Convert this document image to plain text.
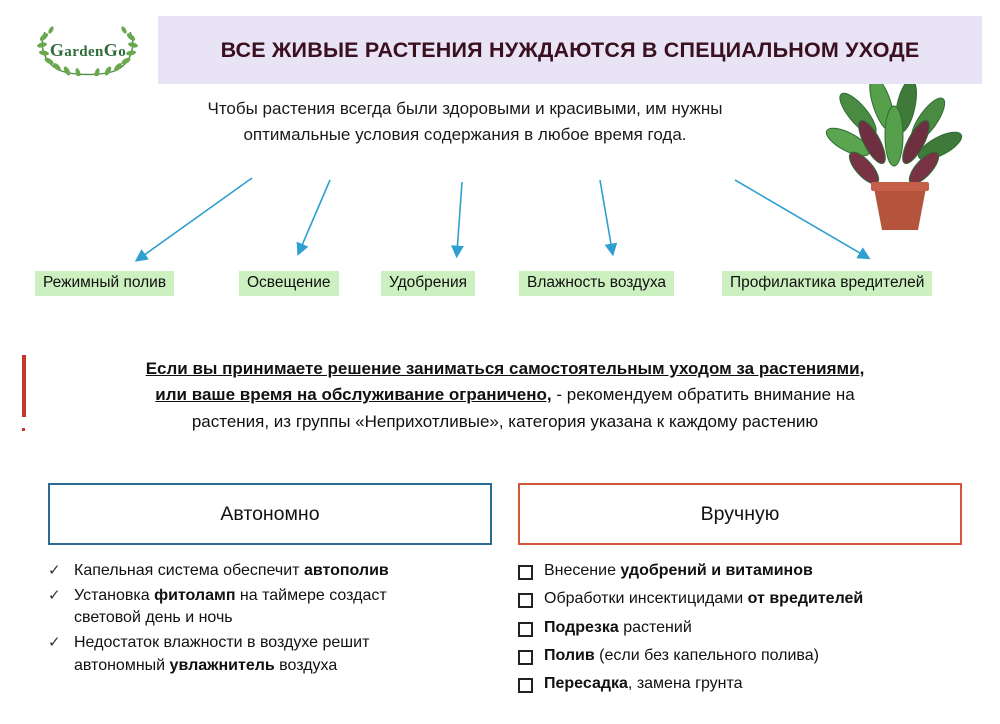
GardenGo	ВСЕ ЖИВЫЕ РАСТЕНИЯ НУЖДАЮТСЯ В СПЕЦИАЛЬНОМ УХОДЕ
Чтобы растения всегда были здоровыми и красивыми, им нужны
оптимальные условия содержания в любое время года.
Режимный полив	Освещение	Удобрения	Влажность воздуха	Профилактика вредителей
Если вы принимаете решение заниматься самостоятельным уходом за растениями,
или ваше время на обслуживание ограничено, - рекомендуем обратить внимание на
растения, из группы «Неприхотливые», категория указана к каждому растению
Автономно	Вручную
✓ Капельная система обеспечит автополив
✓ Установка фитоламп на таймере создаст
световой день и ночь
✓ Недостаток влажности в воздухе решит
автономный увлажнитель воздуха
Внесение удобрений и витаминов
Обработки инсектицидами от вредителей
Подрезка растений
Полив (если без капельного полива)
Пересадка, замена грунта
